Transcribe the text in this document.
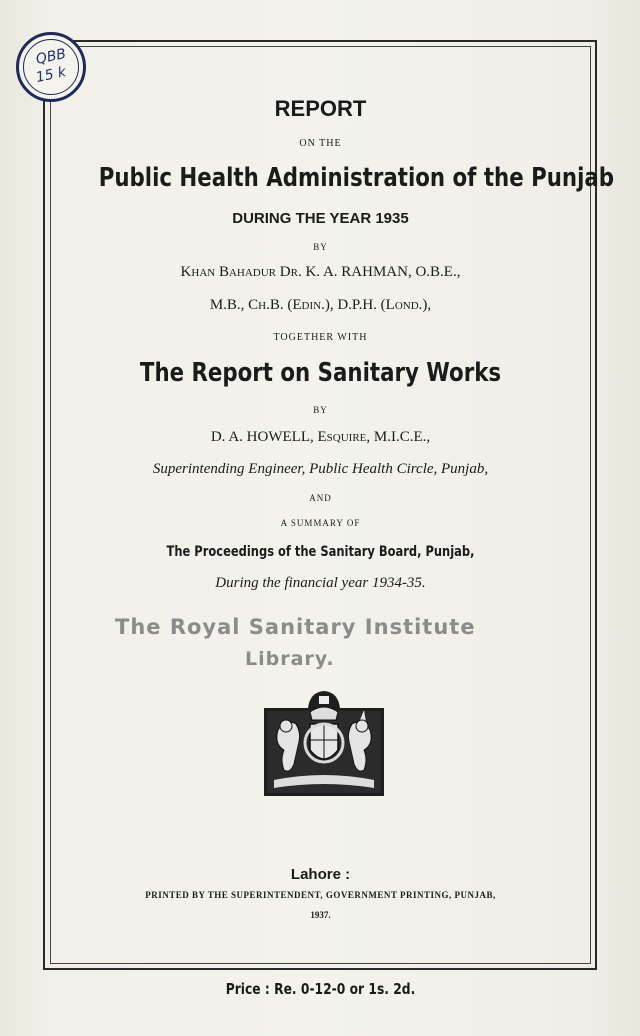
QBB
15 k
REPORT
ON THE
Public Health Administration of the Punjab
DURING THE YEAR 1935
BY
Khan Bahadur Dr. K. A. RAHMAN, O.B.E.,
M.B., Ch.B. (Edin.), D.P.H. (Lond.),
TOGETHER WITH
The Report on Sanitary Works
BY
D. A. HOWELL, Esquire, M.I.C.E.,
Superintending Engineer, Public Health Circle, Punjab,
AND
A SUMMARY OF
The Proceedings of the Sanitary Board, Punjab,
During the financial year 1934-35.
The Royal Sanitary Institute
Library.
Lahore :
PRINTED BY THE SUPERINTENDENT, GOVERNMENT PRINTING, PUNJAB,
1937.
Price : Re. 0-12-0 or 1s. 2d.
